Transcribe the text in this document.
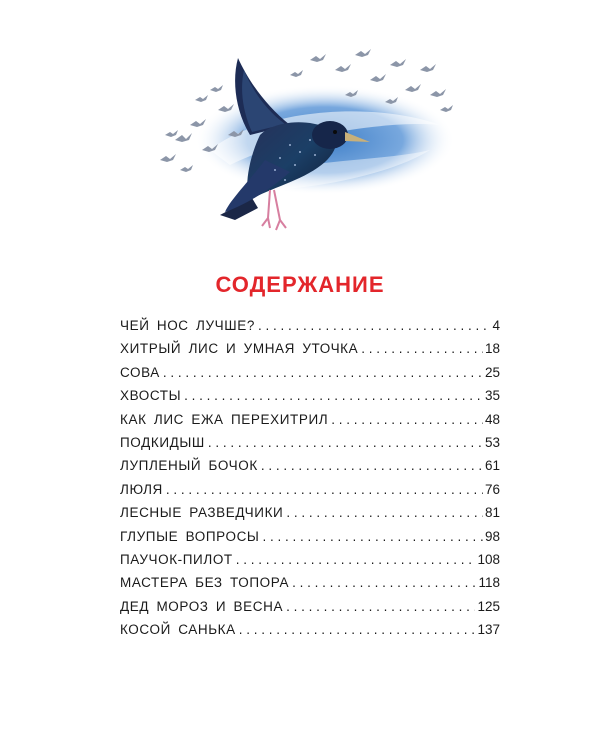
СОДЕРЖАНИЕ
ЧЕЙ НОС ЛУЧШЕ? . . .	4
ХИТРЫЙ ЛИС И УМНАЯ УТОЧКА . . .	18
СОВА . . .	25
ХВОСТЫ . . .	35
КАК ЛИС ЕЖА ПЕРЕХИТРИЛ . . .	48
ПОДКИДЫШ . . .	53
ЛУПЛЕНЫЙ БОЧОК . . .	61
ЛЮЛЯ . . .	76
ЛЕСНЫЕ РАЗВЕДЧИКИ . . .	81
ГЛУПЫЕ ВОПРОСЫ . . .	98
ПАУЧОК-ПИЛОТ . . .	108
МАСТЕРА БЕЗ ТОПОРА . . .	118
ДЕД МОРОЗ И ВЕСНА . . .	125
КОСОЙ САНЬКА . . .	137
